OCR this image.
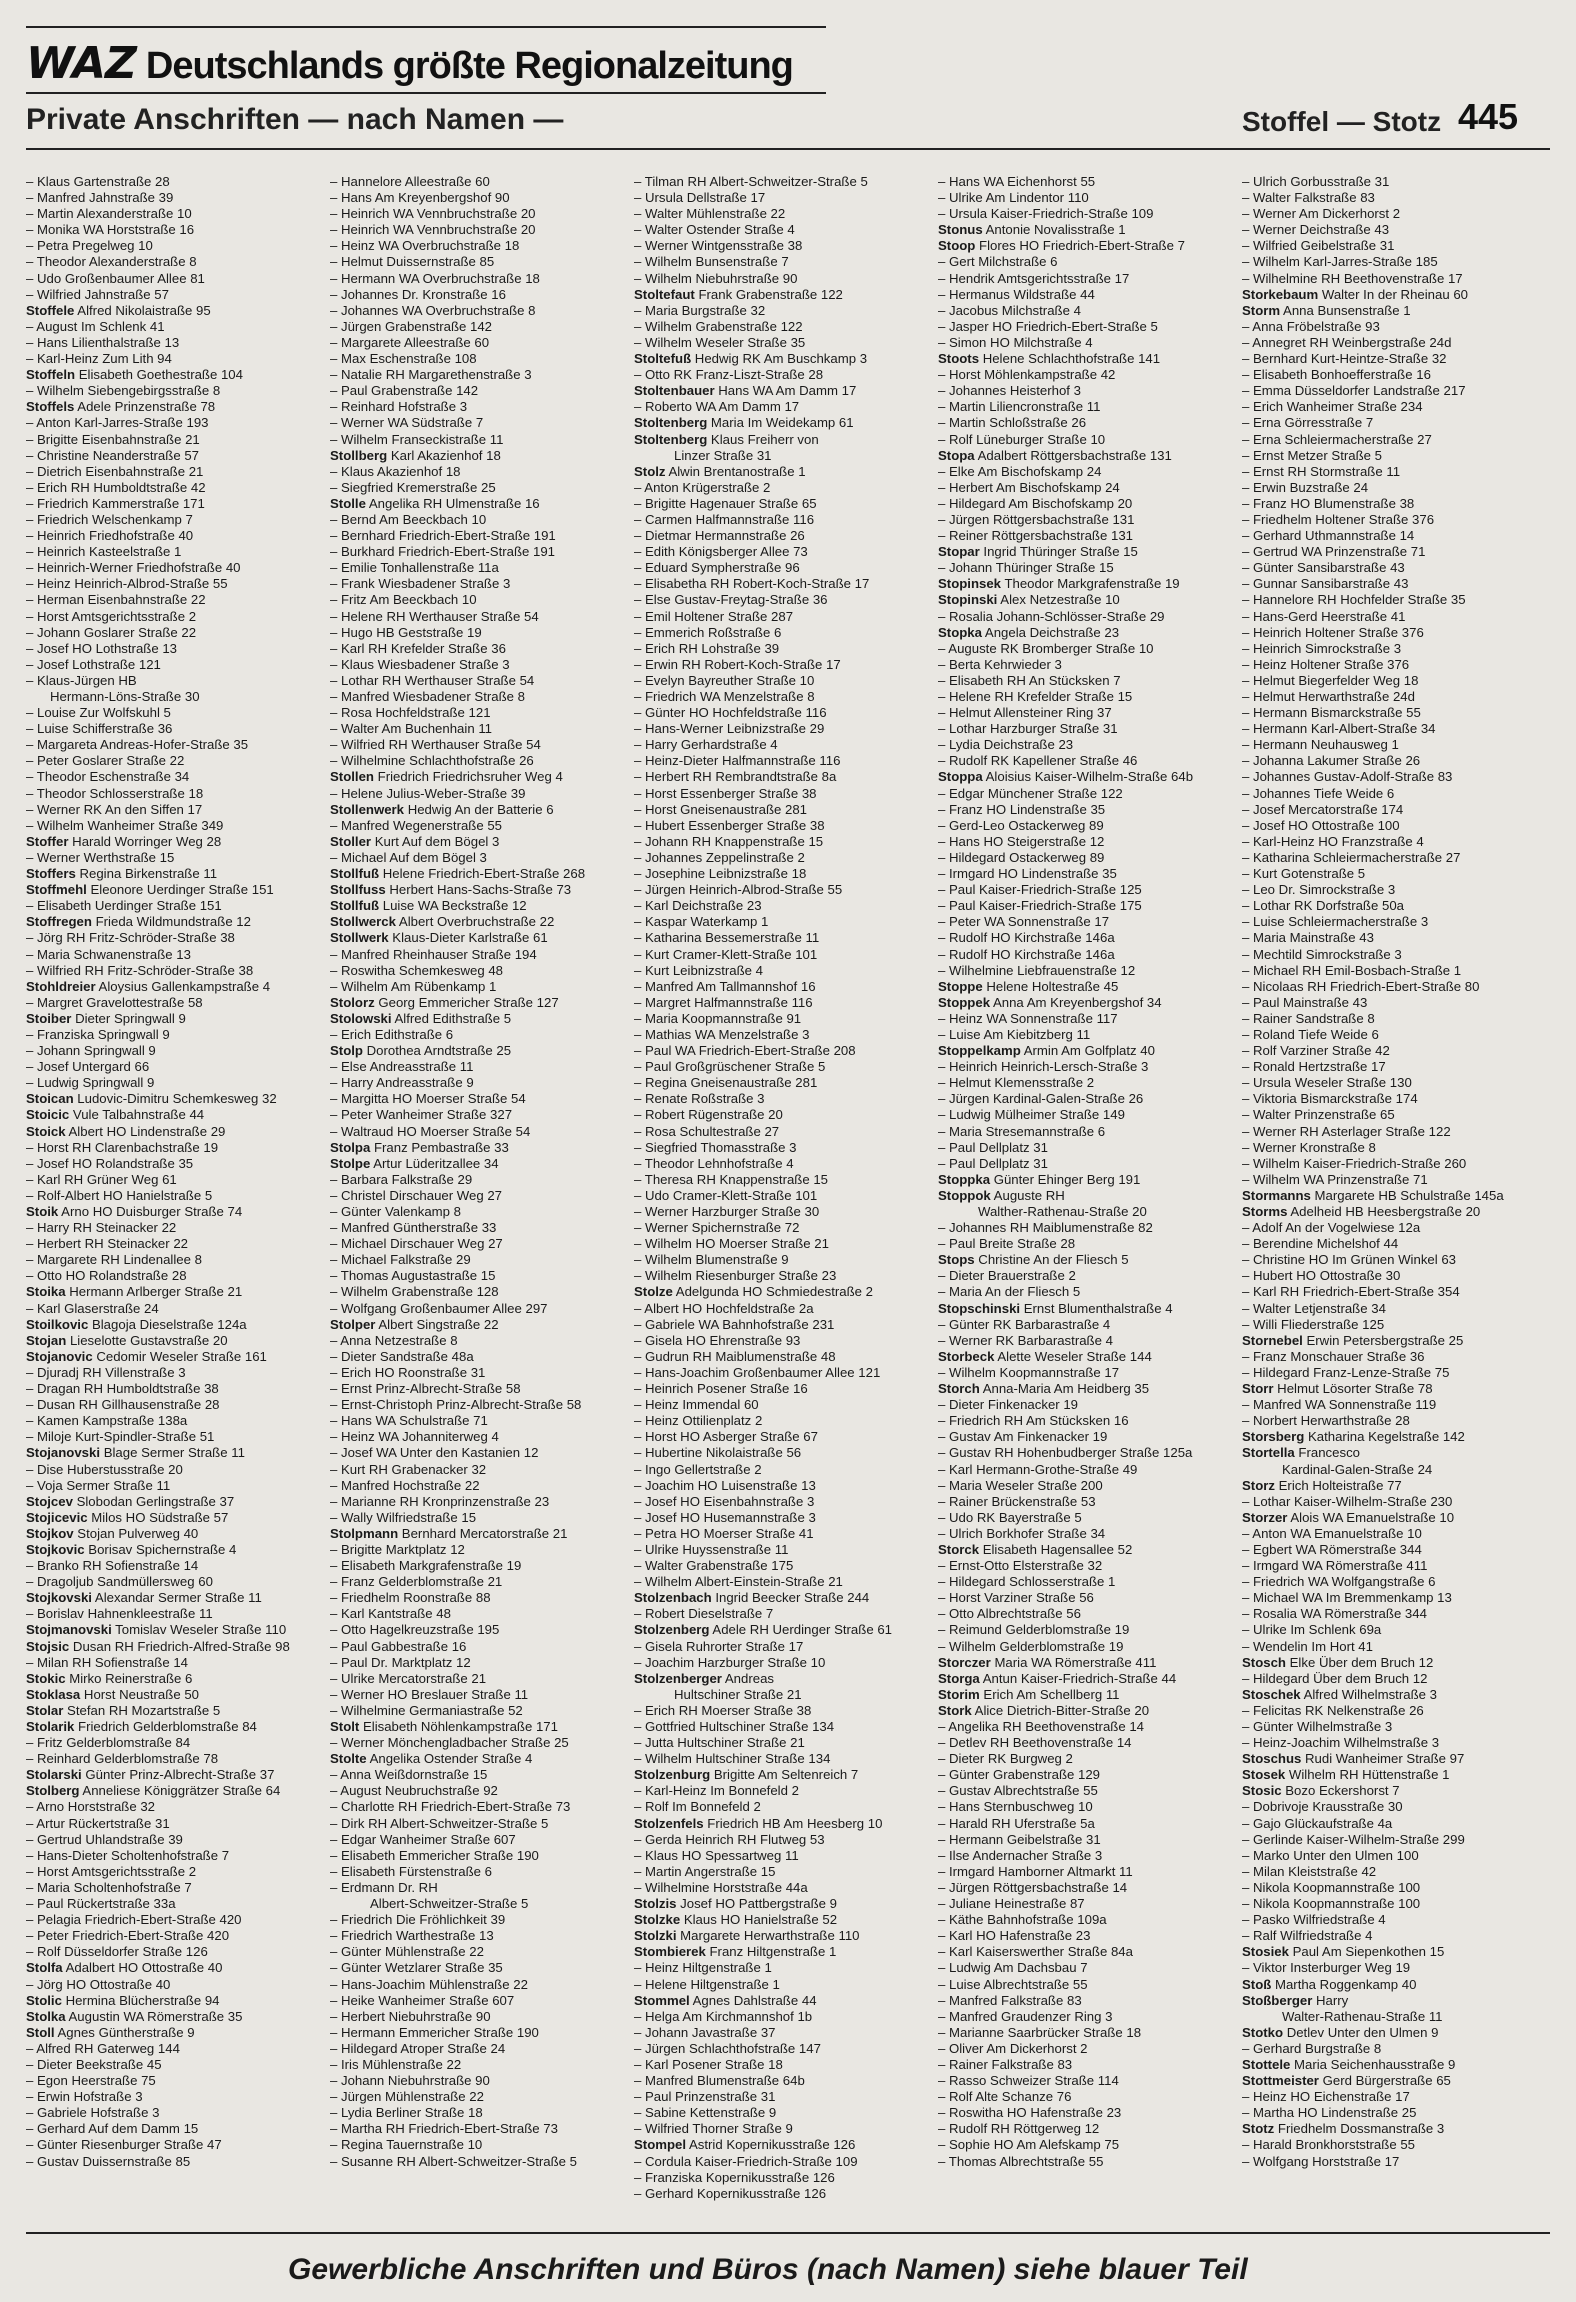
WAZ Deutschlands größte Regionalzeitung
Private Anschriften — nach Namen —	Stoffel — Stotz 445
– Klaus Gartenstraße 28
– Manfred Jahnstraße 39
– Martin Alexanderstraße 10
– Monika WA Horststraße 16
– Petra Pregelweg 10
– Theodor Alexanderstraße 8
– Udo Großenbaumer Allee 81
– Wilfried Jahnstraße 57
Stoffele Alfred Nikolaistraße 95
– August Im Schlenk 41
– Hans Lilienthalstraße 13
– Karl-Heinz Zum Lith 94
Stoffeln Elisabeth Goethestraße 104
– Wilhelm Siebengebirgsstraße 8
Stoffels Adele Prinzenstraße 78
– Anton Karl-Jarres-Straße 193
– Brigitte Eisenbahnstraße 21
– Christine Neanderstraße 57
– Dietrich Eisenbahnstraße 21
– Erich RH Humboldtstraße 42
– Friedrich Kammerstraße 171
– Friedrich Welschenkamp 7
– Heinrich Friedhofstraße 40
– Heinrich Kasteelstraße 1
– Heinrich-Werner Friedhofstraße 40
– Heinz Heinrich-Albrod-Straße 55
– Herman Eisenbahnstraße 22
– Horst Amtsgerichtsstraße 2
– Johann Goslarer Straße 22
– Josef HO Lothstraße 13
– Josef Lothstraße 121
– Klaus-Jürgen HB
Hermann-Löns-Straße 30
– Louise Zur Wolfskuhl 5
– Luise Schifferstraße 36
– Margareta Andreas-Hofer-Straße 35
– Peter Goslarer Straße 22
– Theodor Eschenstraße 34
– Theodor Schlosserstraße 18
– Werner RK An den Siffen 17
– Wilhelm Wanheimer Straße 349
Stoffer Harald Worringer Weg 28
– Werner Werthstraße 15
Stoffers Regina Birkenstraße 11
Stoffmehl Eleonore Uerdinger Straße 151
– Elisabeth Uerdinger Straße 151
Stoffregen Frieda Wildmundstraße 12
– Jörg RH Fritz-Schröder-Straße 38
– Maria Schwanenstraße 13
– Wilfried RH Fritz-Schröder-Straße 38
Stohldreier Aloysius Gallenkampstraße 4
– Margret Gravelottestraße 58
Stoiber Dieter Springwall 9
– Franziska Springwall 9
– Johann Springwall 9
– Josef Untergard 66
– Ludwig Springwall 9
Stoican Ludovic-Dimitru Schemkesweg 32
Stoicic Vule Talbahnstraße 44
Stoick Albert HO Lindenstraße 29
– Horst RH Clarenbachstraße 19
– Josef HO Rolandstraße 35
– Karl RH Grüner Weg 61
– Rolf-Albert HO Hanielstraße 5
Stoik Arno HO Duisburger Straße 74
– Harry RH Steinacker 22
– Herbert RH Steinacker 22
– Margarete RH Lindenallee 8
– Otto HO Rolandstraße 28
Stoika Hermann Arlberger Straße 21
– Karl Glaserstraße 24
Stoilkovic Blagoja Dieselstraße 124a
Stojan Lieselotte Gustavstraße 20
Stojanovic Cedomir Weseler Straße 161
– Djuradj RH Villenstraße 3
– Dragan RH Humboldtstraße 38
– Dusan RH Gillhausenstraße 28
– Kamen Kampstraße 138a
– Miloje Kurt-Spindler-Straße 51
Stojanovski Blage Sermer Straße 11
– Dise Huberstusstraße 20
– Voja Sermer Straße 11
Stojcev Slobodan Gerlingstraße 37
Stojicevic Milos HO Südstraße 57
Stojkov Stojan Pulverweg 40
Stojkovic Borisav Spichernstraße 4
– Branko RH Sofienstraße 14
– Dragoljub Sandmüllersweg 60
Stojkovski Alexandar Sermer Straße 11
– Borislav Hahnenkleestraße 11
Stojmanovski Tomislav Weseler Straße 110
Stojsic Dusan RH Friedrich-Alfred-Straße 98
– Milan RH Sofienstraße 14
Stokic Mirko Reinerstraße 6
Stoklasa Horst Neustraße 50
Stolar Stefan RH Mozartstraße 5
Stolarik Friedrich Gelderblomstraße 84
– Fritz Gelderblomstraße 84
– Reinhard Gelderblomstraße 78
Stolarski Günter Prinz-Albrecht-Straße 37
Stolberg Anneliese Königgrätzer Straße 64
– Arno Horststraße 32
– Artur Rückertstraße 31
– Gertrud Uhlandstraße 39
– Hans-Dieter Scholtenhofstraße 7
– Horst Amtsgerichtsstraße 2
– Maria Scholtenhofstraße 7
– Paul Rückertstraße 33a
– Pelagia Friedrich-Ebert-Straße 420
– Peter Friedrich-Ebert-Straße 420
– Rolf Düsseldorfer Straße 126
Stolfa Adalbert HO Ottostraße 40
– Jörg HO Ottostraße 40
Stolic Hermina Blücherstraße 94
Stolka Augustin WA Römerstraße 35
Stoll Agnes Güntherstraße 9
– Alfred RH Gaterweg 144
– Dieter Beekstraße 45
– Egon Heerstraße 75
– Erwin Hofstraße 3
– Gabriele Hofstraße 3
– Gerhard Auf dem Damm 15
– Günter Riesenburger Straße 47
– Gustav Duissernstraße 85
– Hannelore Alleestraße 60
– Hans Am Kreyenbergshof 90
– Heinrich WA Vennbruchstraße 20
– Heinrich WA Vennbruchstraße 20
– Heinz WA Overbruchstraße 18
– Helmut Duissernstraße 85
– Hermann WA Overbruchstraße 18
– Johannes Dr. Kronstraße 16
– Johannes WA Overbruchstraße 8
– Jürgen Grabenstraße 142
– Margarete Alleestraße 60
– Max Eschenstraße 108
– Natalie RH Margarethenstraße 3
– Paul Grabenstraße 142
– Reinhard Hofstraße 3
– Werner WA Südstraße 7
– Wilhelm Franseckistraße 11
Stollberg Karl Akazienhof 18
– Klaus Akazienhof 18
– Siegfried Kremerstraße 25
Stolle Angelika RH Ulmenstraße 16
– Bernd Am Beeckbach 10
– Bernhard Friedrich-Ebert-Straße 191
– Burkhard Friedrich-Ebert-Straße 191
– Emilie Tonhallenstraße 11a
– Frank Wiesbadener Straße 3
– Fritz Am Beeckbach 10
– Helene RH Werthauser Straße 54
– Hugo HB Geststraße 19
– Karl RH Krefelder Straße 36
– Klaus Wiesbadener Straße 3
– Lothar RH Werthauser Straße 54
– Manfred Wiesbadener Straße 8
– Rosa Hochfeldstraße 121
– Walter Am Buchenhain 11
– Wilfried RH Werthauser Straße 54
– Wilhelmine Schlachthofstraße 26
Stollen Friedrich Friedrichsruher Weg 4
– Helene Julius-Weber-Straße 39
Stollenwerk Hedwig An der Batterie 6
– Manfred Wegenerstraße 55
Stoller Kurt Auf dem Bögel 3
– Michael Auf dem Bögel 3
Stollfuß Helene Friedrich-Ebert-Straße 268
Stollfuss Herbert Hans-Sachs-Straße 73
Stollfuß Luise WA Beckstraße 12
Stollwerck Albert Overbruchstraße 22
Stollwerk Klaus-Dieter Karlstraße 61
– Manfred Rheinhauser Straße 194
– Roswitha Schemkesweg 48
– Wilhelm Am Rübenkamp 1
Stolorz Georg Emmericher Straße 127
Stolowski Alfred Edithstraße 5
– Erich Edithstraße 6
Stolp Dorothea Arndtstraße 25
– Else Andreasstraße 11
– Harry Andreasstraße 9
– Margitta HO Moerser Straße 54
– Peter Wanheimer Straße 327
– Waltraud HO Moerser Straße 54
Stolpa Franz Pembastraße 33
Stolpe Artur Lüderitzallee 34
– Barbara Falkstraße 29
– Christel Dirschauer Weg 27
– Günter Valenkamp 8
– Manfred Güntherstraße 33
– Michael Dirschauer Weg 27
– Michael Falkstraße 29
– Thomas Augustastraße 15
– Wilhelm Grabenstraße 128
– Wolfgang Großenbaumer Allee 297
Stolper Albert Singstraße 22
– Anna Netzestraße 8
– Dieter Sandstraße 48a
– Erich HO Roonstraße 31
– Ernst Prinz-Albrecht-Straße 58
– Ernst-Christoph Prinz-Albrecht-Straße 58
– Hans WA Schulstraße 71
– Heinz WA Johanniterweg 4
– Josef WA Unter den Kastanien 12
– Kurt RH Grabenacker 32
– Manfred Hochstraße 22
– Marianne RH Kronprinzenstraße 23
– Wally Wilfriedstraße 15
Stolpmann Bernhard Mercatorstraße 21
– Brigitte Marktplatz 12
– Elisabeth Markgrafenstraße 19
– Franz Gelderblomstraße 21
– Friedhelm Roonstraße 88
– Karl Kantstraße 48
– Otto Hagelkreuzstraße 195
– Paul Gabbestraße 16
– Paul Dr. Marktplatz 12
– Ulrike Mercatorstraße 21
– Werner HO Breslauer Straße 11
– Wilhelmine Germaniastraße 52
Stolt Elisabeth Nöhlenkampstraße 171
– Werner Mönchengladbacher Straße 25
Stolte Angelika Ostender Straße 4
– Anna Weißdornstraße 15
– August Neubruchstraße 92
– Charlotte RH Friedrich-Ebert-Straße 73
– Dirk RH Albert-Schweitzer-Straße 5
– Edgar Wanheimer Straße 607
– Elisabeth Emmericher Straße 190
– Elisabeth Fürstenstraße 6
– Erdmann Dr. RH
Albert-Schweitzer-Straße 5
– Friedrich Die Fröhlichkeit 39
– Friedrich Warthestraße 13
– Günter Mühlenstraße 22
– Günter Wetzlarer Straße 35
– Hans-Joachim Mühlenstraße 22
– Heike Wanheimer Straße 607
– Herbert Niebuhrstraße 90
– Hermann Emmericher Straße 190
– Hildegard Atroper Straße 24
– Iris Mühlenstraße 22
– Johann Niebuhrstraße 90
– Jürgen Mühlenstraße 22
– Lydia Berliner Straße 18
– Martha RH Friedrich-Ebert-Straße 73
– Regina Tauernstraße 10
– Susanne RH Albert-Schweitzer-Straße 5
– Tilman RH Albert-Schweitzer-Straße 5
– Ursula Dellstraße 17
– Walter Mühlenstraße 22
– Walter Ostender Straße 4
– Werner Wintgensstraße 38
– Wilhelm Bunsenstraße 7
– Wilhelm Niebuhrstraße 90
Stoltefaut Frank Grabenstraße 122
– Maria Burgstraße 32
– Wilhelm Grabenstraße 122
– Wilhelm Weseler Straße 35
Stoltefuß Hedwig RK Am Buschkamp 3
– Otto RK Franz-Liszt-Straße 28
Stoltenbauer Hans WA Am Damm 17
– Roberto WA Am Damm 17
Stoltenberg Maria Im Weidekamp 61
Stoltenberg Klaus Freiherr von
Linzer Straße 31
Stolz Alwin Brentanostraße 1
– Anton Krügerstraße 2
– Brigitte Hagenauer Straße 65
– Carmen Halfmannstraße 116
– Dietmar Hermannstraße 26
– Edith Königsberger Allee 73
– Eduard Sympherstraße 96
– Elisabetha RH Robert-Koch-Straße 17
– Else Gustav-Freytag-Straße 36
– Emil Holtener Straße 287
– Emmerich Roßstraße 6
– Erich RH Lohstraße 39
– Erwin RH Robert-Koch-Straße 17
– Evelyn Bayreuther Straße 10
– Friedrich WA Menzelstraße 8
– Günter HO Hochfeldstraße 116
– Hans-Werner Leibnizstraße 29
– Harry Gerhardstraße 4
– Heinz-Dieter Halfmannstraße 116
– Herbert RH Rembrandtstraße 8a
– Horst Essenberger Straße 38
– Horst Gneisenaustraße 281
– Hubert Essenberger Straße 38
– Johann RH Knappenstraße 15
– Johannes Zeppelinstraße 2
– Josephine Leibnizstraße 18
– Jürgen Heinrich-Albrod-Straße 55
– Karl Deichstraße 23
– Kaspar Waterkamp 1
– Katharina Bessemerstraße 11
– Kurt Cramer-Klett-Straße 101
– Kurt Leibnizstraße 4
– Manfred Am Tallmannshof 16
– Margret Halfmannstraße 116
– Maria Koopmannstraße 91
– Mathias WA Menzelstraße 3
– Paul WA Friedrich-Ebert-Straße 208
– Paul Großgrüschener Straße 5
– Regina Gneisenaustraße 281
– Renate Roßstraße 3
– Robert Rügenstraße 20
– Rosa Schultestraße 27
– Siegfried Thomasstraße 3
– Theodor Lehnhofstraße 4
– Theresa RH Knappenstraße 15
– Udo Cramer-Klett-Straße 101
– Werner Harzburger Straße 30
– Werner Spichernstraße 72
– Wilhelm HO Moerser Straße 21
– Wilhelm Blumenstraße 9
– Wilhelm Riesenburger Straße 23
Stolze Adelgunda HO Schmiedestraße 2
– Albert HO Hochfeldstraße 2a
– Gabriele WA Bahnhofstraße 231
– Gisela HO Ehrenstraße 93
– Gudrun RH Maiblumenstraße 48
– Hans-Joachim Großenbaumer Allee 121
– Heinrich Posener Straße 16
– Heinz Immendal 60
– Heinz Ottilienplatz 2
– Horst HO Asberger Straße 67
– Hubertine Nikolaistraße 56
– Ingo Gellertstraße 2
– Joachim HO Luisenstraße 13
– Josef HO Eisenbahnstraße 3
– Josef HO Husemannstraße 3
– Petra HO Moerser Straße 41
– Ulrike Huyssenstraße 11
– Walter Grabenstraße 175
– Wilhelm Albert-Einstein-Straße 21
Stolzenbach Ingrid Beecker Straße 244
– Robert Dieselstraße 7
Stolzenberg Adele RH Uerdinger Straße 61
– Gisela Ruhrorter Straße 17
– Joachim Harzburger Straße 10
Stolzenberger Andreas
Hultschiner Straße 21
– Erich RH Moerser Straße 38
– Gottfried Hultschiner Straße 134
– Jutta Hultschiner Straße 21
– Wilhelm Hultschiner Straße 134
Stolzenburg Brigitte Am Seltenreich 7
– Karl-Heinz Im Bonnefeld 2
– Rolf Im Bonnefeld 2
Stolzenfels Friedrich HB Am Heesberg 10
– Gerda Heinrich RH Flutweg 53
– Klaus HO Spessartweg 11
– Martin Angerstraße 15
– Wilhelmine Horststraße 44a
Stolzis Josef HO Pattbergstraße 9
Stolzke Klaus HO Hanielstraße 52
Stolzki Margarete Herwarthstraße 110
Stombierek Franz Hiltgenstraße 1
– Heinz Hiltgenstraße 1
– Helene Hiltgenstraße 1
Stommel Agnes Dahlstraße 44
– Helga Am Kirchmannshof 1b
– Johann Javastraße 37
– Jürgen Schlachthofstraße 147
– Karl Posener Straße 18
– Manfred Blumenstraße 64b
– Paul Prinzenstraße 31
– Sabine Kettenstraße 9
– Wilfried Thorner Straße 9
Stompel Astrid Kopernikusstraße 126
– Cordula Kaiser-Friedrich-Straße 109
– Franziska Kopernikusstraße 126
– Gerhard Kopernikusstraße 126
– Hans WA Eichenhorst 55
– Ulrike Am Lindentor 110
– Ursula Kaiser-Friedrich-Straße 109
Stonus Antonie Novalisstraße 1
Stoop Flores HO Friedrich-Ebert-Straße 7
– Gert Milchstraße 6
– Hendrik Amtsgerichtsstraße 17
– Hermanus Wildstraße 44
– Jacobus Milchstraße 4
– Jasper HO Friedrich-Ebert-Straße 5
– Simon HO Milchstraße 4
Stoots Helene Schlachthofstraße 141
– Horst Möhlenkampstraße 42
– Johannes Heisterhof 3
– Martin Liliencronstraße 11
– Martin Schloßstraße 26
– Rolf Lüneburger Straße 10
Stopa Adalbert Röttgersbachstraße 131
– Elke Am Bischofskamp 24
– Herbert Am Bischofskamp 24
– Hildegard Am Bischofskamp 20
– Jürgen Röttgersbachstraße 131
– Reiner Röttgersbachstraße 131
Stopar Ingrid Thüringer Straße 15
– Johann Thüringer Straße 15
Stopinsek Theodor Markgrafenstraße 19
Stopinski Alex Netzestraße 10
– Rosalia Johann-Schlösser-Straße 29
Stopka Angela Deichstraße 23
– Auguste RK Bromberger Straße 10
– Berta Kehrwieder 3
– Elisabeth RH An Stücksken 7
– Helene RH Krefelder Straße 15
– Helmut Allensteiner Ring 37
– Lothar Harzburger Straße 31
– Lydia Deichstraße 23
– Rudolf RK Kapellener Straße 46
Stoppa Aloisius Kaiser-Wilhelm-Straße 64b
– Edgar Münchener Straße 122
– Franz HO Lindenstraße 35
– Gerd-Leo Ostackerweg 89
– Hans HO Steigerstraße 12
– Hildegard Ostackerweg 89
– Irmgard HO Lindenstraße 35
– Paul Kaiser-Friedrich-Straße 125
– Paul Kaiser-Friedrich-Straße 175
– Peter WA Sonnenstraße 17
– Rudolf HO Kirchstraße 146a
– Rudolf HO Kirchstraße 146a
– Wilhelmine Liebfrauenstraße 12
Stoppe Helene Holtestraße 45
Stoppek Anna Am Kreyenbergshof 34
– Heinz WA Sonnenstraße 117
– Luise Am Kiebitzberg 11
Stoppelkamp Armin Am Golfplatz 40
– Heinrich Heinrich-Lersch-Straße 3
– Helmut Klemensstraße 2
– Jürgen Kardinal-Galen-Straße 26
– Ludwig Mülheimer Straße 149
– Maria Stresemannstraße 6
– Paul Dellplatz 31
– Paul Dellplatz 31
Stoppka Günter Ehinger Berg 191
Stoppok Auguste RH
Walther-Rathenau-Straße 20
– Johannes RH Maiblumenstraße 82
– Paul Breite Straße 28
Stops Christine An der Fliesch 5
– Dieter Brauerstraße 2
– Maria An der Fliesch 5
Stopschinski Ernst Blumenthalstraße 4
– Günter RK Barbarastraße 4
– Werner RK Barbarastraße 4
Storbeck Alette Weseler Straße 144
– Wilhelm Koopmannstraße 17
Storch Anna-Maria Am Heidberg 35
– Dieter Finkenacker 19
– Friedrich RH Am Stücksken 16
– Gustav Am Finkenacker 19
– Gustav RH Hohenbudberger Straße 125a
– Karl Hermann-Grothe-Straße 49
– Maria Weseler Straße 200
– Rainer Brückenstraße 53
– Udo RK Bayerstraße 5
– Ulrich Borkhofer Straße 34
Storck Elisabeth Hagensallee 52
– Ernst-Otto Elsterstraße 32
– Hildegard Schlosserstraße 1
– Horst Varziner Straße 56
– Otto Albrechtstraße 56
– Reimund Gelderblomstraße 19
– Wilhelm Gelderblomstraße 19
Storczer Maria WA Römerstraße 411
Storga Antun Kaiser-Friedrich-Straße 44
Storim Erich Am Schellberg 11
Stork Alice Dietrich-Bitter-Straße 20
– Angelika RH Beethovenstraße 14
– Detlev RH Beethovenstraße 14
– Dieter RK Burgweg 2
– Günter Grabenstraße 129
– Gustav Albrechtstraße 55
– Hans Sternbuschweg 10
– Harald RH Uferstraße 5a
– Hermann Geibelstraße 31
– Ilse Andernacher Straße 3
– Irmgard Hamborner Altmarkt 11
– Jürgen Röttgersbachstraße 14
– Juliane Heinestraße 87
– Käthe Bahnhofstraße 109a
– Karl HO Hafenstraße 23
– Karl Kaiserswerther Straße 84a
– Ludwig Am Dachsbau 7
– Luise Albrechtstraße 55
– Manfred Falkstraße 83
– Manfred Graudenzer Ring 3
– Marianne Saarbrücker Straße 18
– Oliver Am Dickerhorst 2
– Rainer Falkstraße 83
– Rasso Schweizer Straße 114
– Rolf Alte Schanze 76
– Roswitha HO Hafenstraße 23
– Rudolf RH Röttgerweg 12
– Sophie HO Am Alefskamp 75
– Thomas Albrechtstraße 55
– Ulrich Gorbusstraße 31
– Walter Falkstraße 83
– Werner Am Dickerhorst 2
– Werner Deichstraße 43
– Wilfried Geibelstraße 31
– Wilhelm Karl-Jarres-Straße 185
– Wilhelmine RH Beethovenstraße 17
Storkebaum Walter In der Rheinau 60
Storm Anna Bunsenstraße 1
– Anna Fröbelstraße 93
– Annegret RH Weinbergstraße 24d
– Bernhard Kurt-Heintze-Straße 32
– Elisabeth Bonhoefferstraße 16
– Emma Düsseldorfer Landstraße 217
– Erich Wanheimer Straße 234
– Erna Görresstraße 7
– Erna Schleiermacherstraße 27
– Ernst Metzer Straße 5
– Ernst RH Stormstraße 11
– Erwin Buzstraße 24
– Franz HO Blumenstraße 38
– Friedhelm Holtener Straße 376
– Gerhard Uthmannstraße 14
– Gertrud WA Prinzenstraße 71
– Günter Sansibarstraße 43
– Gunnar Sansibarstraße 43
– Hannelore RH Hochfelder Straße 35
– Hans-Gerd Heerstraße 41
– Heinrich Holtener Straße 376
– Heinrich Simrockstraße 3
– Heinz Holtener Straße 376
– Helmut Biegerfelder Weg 18
– Helmut Herwarthstraße 24d
– Hermann Bismarckstraße 55
– Hermann Karl-Albert-Straße 34
– Hermann Neuhausweg 1
– Johanna Lakumer Straße 26
– Johannes Gustav-Adolf-Straße 83
– Johannes Tiefe Weide 6
– Josef Mercatorstraße 174
– Josef HO Ottostraße 100
– Karl-Heinz HO Franzstraße 4
– Katharina Schleiermacherstraße 27
– Kurt Gotenstraße 5
– Leo Dr. Simrockstraße 3
– Lothar RK Dorfstraße 50a
– Luise Schleiermacherstraße 3
– Maria Mainstraße 43
– Mechtild Simrockstraße 3
– Michael RH Emil-Bosbach-Straße 1
– Nicolaas RH Friedrich-Ebert-Straße 80
– Paul Mainstraße 43
– Rainer Sandstraße 8
– Roland Tiefe Weide 6
– Rolf Varziner Straße 42
– Ronald Hertzstraße 17
– Ursula Weseler Straße 130
– Viktoria Bismarckstraße 174
– Walter Prinzenstraße 65
– Werner RH Asterlager Straße 122
– Werner Kronstraße 8
– Wilhelm Kaiser-Friedrich-Straße 260
– Wilhelm WA Prinzenstraße 71
Stormanns Margarete HB Schulstraße 145a
Storms Adelheid HB Heesbergstraße 20
– Adolf An der Vogelwiese 12a
– Berendine Michelshof 44
– Christine HO Im Grünen Winkel 63
– Hubert HO Ottostraße 30
– Karl RH Friedrich-Ebert-Straße 354
– Walter Letjenstraße 34
– Willi Fliederstraße 125
Stornebel Erwin Petersbergstraße 25
– Franz Monschauer Straße 36
– Hildegard Franz-Lenze-Straße 75
Storr Helmut Lösorter Straße 78
– Manfred WA Sonnenstraße 119
– Norbert Herwarthstraße 28
Storsberg Katharina Kegelstraße 142
Stortella Francesco
Kardinal-Galen-Straße 24
Storz Erich Holteistraße 77
– Lothar Kaiser-Wilhelm-Straße 230
Storzer Alois WA Emanuelstraße 10
– Anton WA Emanuelstraße 10
– Egbert WA Römerstraße 344
– Irmgard WA Römerstraße 411
– Friedrich WA Wolfgangstraße 6
– Michael WA Im Bremmenkamp 13
– Rosalia WA Römerstraße 344
– Ulrike Im Schlenk 69a
– Wendelin Im Hort 41
Stosch Elke Über dem Bruch 12
– Hildegard Über dem Bruch 12
Stoschek Alfred Wilhelmstraße 3
– Felicitas RK Nelkenstraße 26
– Günter Wilhelmstraße 3
– Heinz-Joachim Wilhelmstraße 3
Stoschus Rudi Wanheimer Straße 97
Stosek Wilhelm RH Hüttenstraße 1
Stosic Bozo Eckershorst 7
– Dobrivoje Krausstraße 30
– Gajo Glückaufstraße 4a
– Gerlinde Kaiser-Wilhelm-Straße 299
– Marko Unter den Ulmen 100
– Milan Kleiststraße 42
– Nikola Koopmannstraße 100
– Nikola Koopmannstraße 100
– Pasko Wilfriedstraße 4
– Ralf Wilfriedstraße 4
Stosiek Paul Am Siepenkothen 15
– Viktor Insterburger Weg 19
Stoß Martha Roggenkamp 40
Stoßberger Harry
Walter-Rathenau-Straße 11
Stotko Detlev Unter den Ulmen 9
– Gerhard Burgstraße 8
Stottele Maria Seichenhausstraße 9
Stottmeister Gerd Bürgerstraße 65
– Heinz HO Eichenstraße 17
– Martha HO Lindenstraße 25
Stotz Friedhelm Dossmanstraße 3
– Harald Bronkhorststraße 55
– Wolfgang Horststraße 17
Gewerbliche Anschriften und Büros (nach Namen) siehe blauer Teil
